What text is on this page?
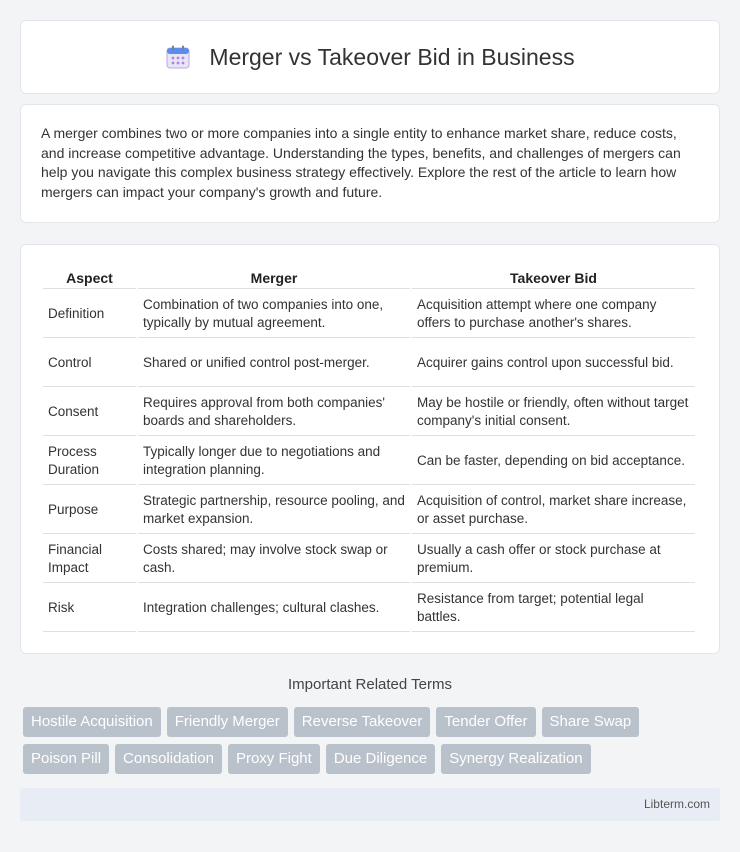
Merger vs Takeover Bid in Business

A merger combines two or more companies into a single entity to enhance market share, reduce costs, and increase competitive advantage. Understanding the types, benefits, and challenges of mergers can help you navigate this complex business strategy effectively. Explore the rest of the article to learn how mergers can impact your company's growth and future.

Aspect	Merger	Takeover Bid
Definition	Combination of two companies into one, typically by mutual agreement.	Acquisition attempt where one company offers to purchase another's shares.
Control	Shared or unified control post-merger.	Acquirer gains control upon successful bid.
Consent	Requires approval from both companies' boards and shareholders.	May be hostile or friendly, often without target company's initial consent.
Process Duration	Typically longer due to negotiations and integration planning.	Can be faster, depending on bid acceptance.
Purpose	Strategic partnership, resource pooling, and market expansion.	Acquisition of control, market share increase, or asset purchase.
Financial Impact	Costs shared; may involve stock swap or cash.	Usually a cash offer or stock purchase at premium.
Risk	Integration challenges; cultural clashes.	Resistance from target; potential legal battles.
Important Related Terms
Hostile Acquisition	Friendly Merger	Reverse Takeover	Tender Offer	Share Swap
Poison Pill	Consolidation	Proxy Fight	Due Diligence	Synergy Realization
Libterm.com
